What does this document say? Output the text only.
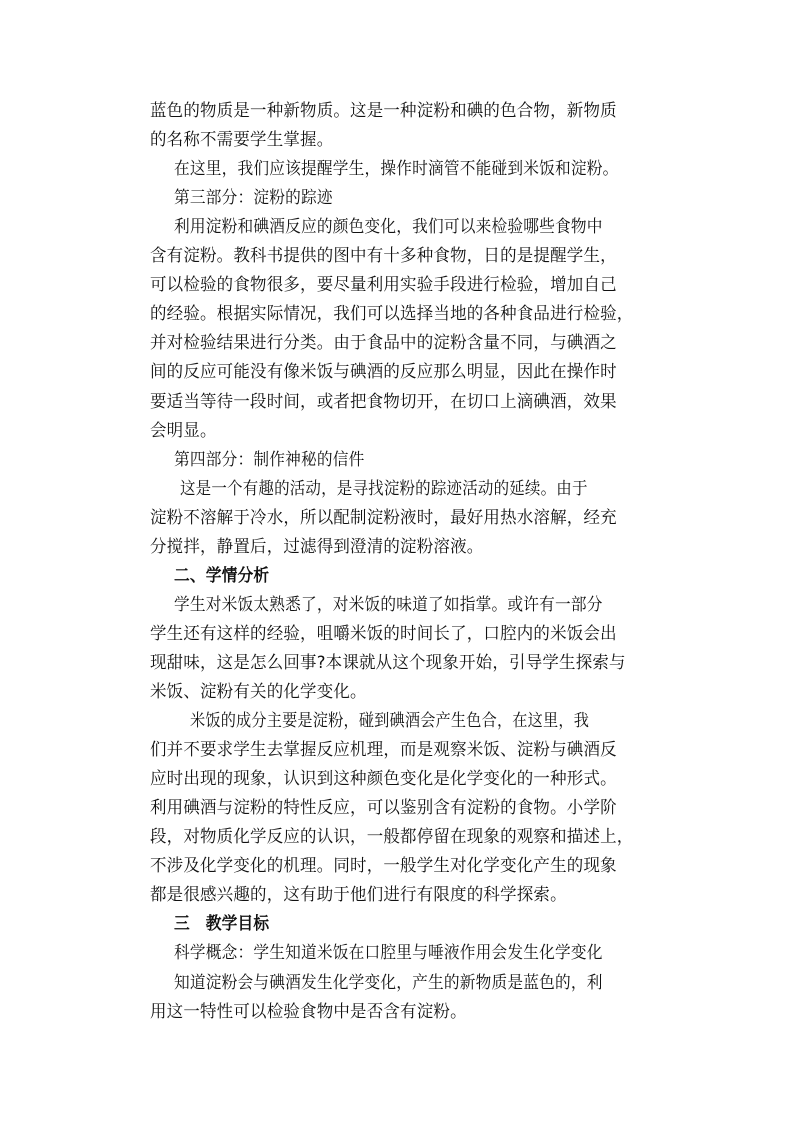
蓝色的物质是一种新物质。这是一种淀粉和碘的色合物，新物质
的名称不需要学生掌握。
在这里，我们应该提醒学生，操作时滴管不能碰到米饭和淀粉。
第三部分：淀粉的踪迹
利用淀粉和碘酒反应的颜色变化，我们可以来检验哪些食物中
含有淀粉。教科书提供的图中有十多种食物，日的是提醒学生，
可以检验的食物很多，要尽量利用实验手段进行检验，增加自己
的经验。根据实际情况，我们可以选择当地的各种食品进行检验，
并对检验结果进行分类。由于食品中的淀粉含量不同，与碘酒之
间的反应可能没有像米饭与碘酒的反应那么明显，因此在操作时
要适当等待一段时间，或者把食物切开，在切口上滴碘酒，效果
会明显。
第四部分：制作神秘的信件
这是一个有趣的活动，是寻找淀粉的踪迹活动的延续。由于
淀粉不溶解于冷水，所以配制淀粉液时，最好用热水溶解，经充
分搅拌，静置后，过滤得到澄清的淀粉溶液。
二、学情分析
学生对米饭太熟悉了，对米饭的味道了如指掌。或许有一部分
学生还有这样的经验，咀嚼米饭的时间长了，口腔内的米饭会出
现甜味，这是怎么回事?本课就从这个现象开始，引导学生探索与
米饭、淀粉有关的化学变化。
米饭的成分主要是淀粉，碰到碘酒会产生色合，在这里，我
们并不要求学生去掌握反应机理，而是观察米饭、淀粉与碘酒反
应时出现的现象，认识到这种颜色变化是化学变化的一种形式。
利用碘酒与淀粉的特性反应，可以鉴别含有淀粉的食物。小学阶
段，对物质化学反应的认识，一般都停留在现象的观察和描述上，
不涉及化学变化的机理。同时，一般学生对化学变化产生的现象
都是很感兴趣的，这有助于他们进行有限度的科学探索。
三　教学目标
科学概念：学生知道米饭在口腔里与唾液作用会发生化学变化
知道淀粉会与碘酒发生化学变化，产生的新物质是蓝色的，利
用这一特性可以检验食物中是否含有淀粉。
